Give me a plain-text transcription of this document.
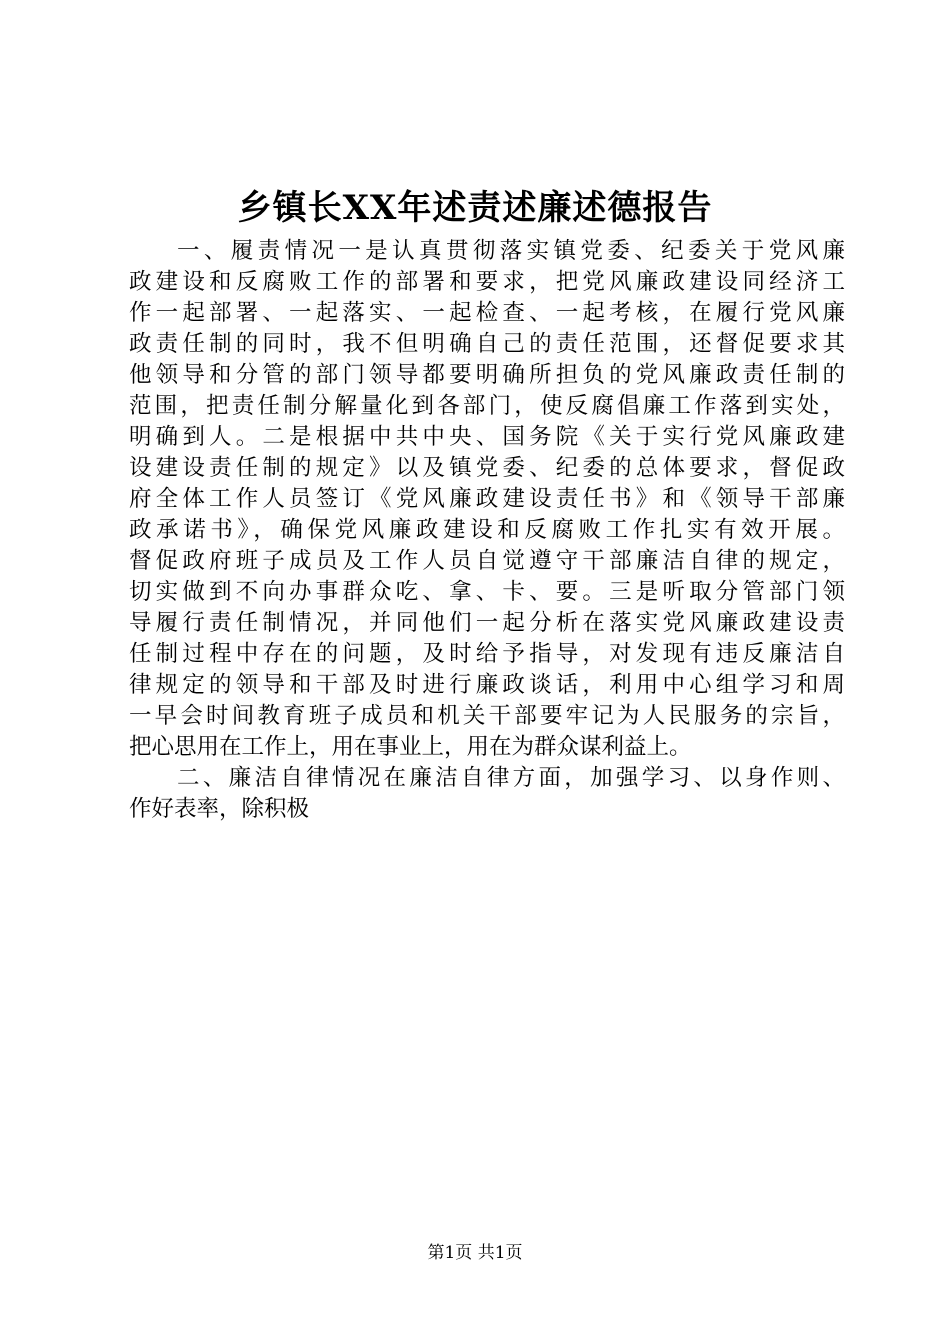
乡镇长XX年述责述廉述德报告
一、履责情况一是认真贯彻落实镇党委、纪委关于党风廉
政建设和反腐败工作的部署和要求，把党风廉政建设同经济工
作一起部署、一起落实、一起检查、一起考核，在履行党风廉
政责任制的同时，我不但明确自己的责任范围，还督促要求其
他领导和分管的部门领导都要明确所担负的党风廉政责任制的
范围，把责任制分解量化到各部门，使反腐倡廉工作落到实处，
明确到人。二是根据中共中央、国务院《关于实行党风廉政建
设建设责任制的规定》以及镇党委、纪委的总体要求，督促政
府全体工作人员签订《党风廉政建设责任书》和《领导干部廉
政承诺书》，确保党风廉政建设和反腐败工作扎实有效开展。
督促政府班子成员及工作人员自觉遵守干部廉洁自律的规定，
切实做到不向办事群众吃、拿、卡、要。三是听取分管部门领
导履行责任制情况，并同他们一起分析在落实党风廉政建设责
任制过程中存在的问题，及时给予指导，对发现有违反廉洁自
律规定的领导和干部及时进行廉政谈话，利用中心组学习和周
一早会时间教育班子成员和机关干部要牢记为人民服务的宗旨，
把心思用在工作上，用在事业上，用在为群众谋利益上。
二、廉洁自律情况在廉洁自律方面，加强学习、以身作则、
作好表率，除积极
第1页 共1页
